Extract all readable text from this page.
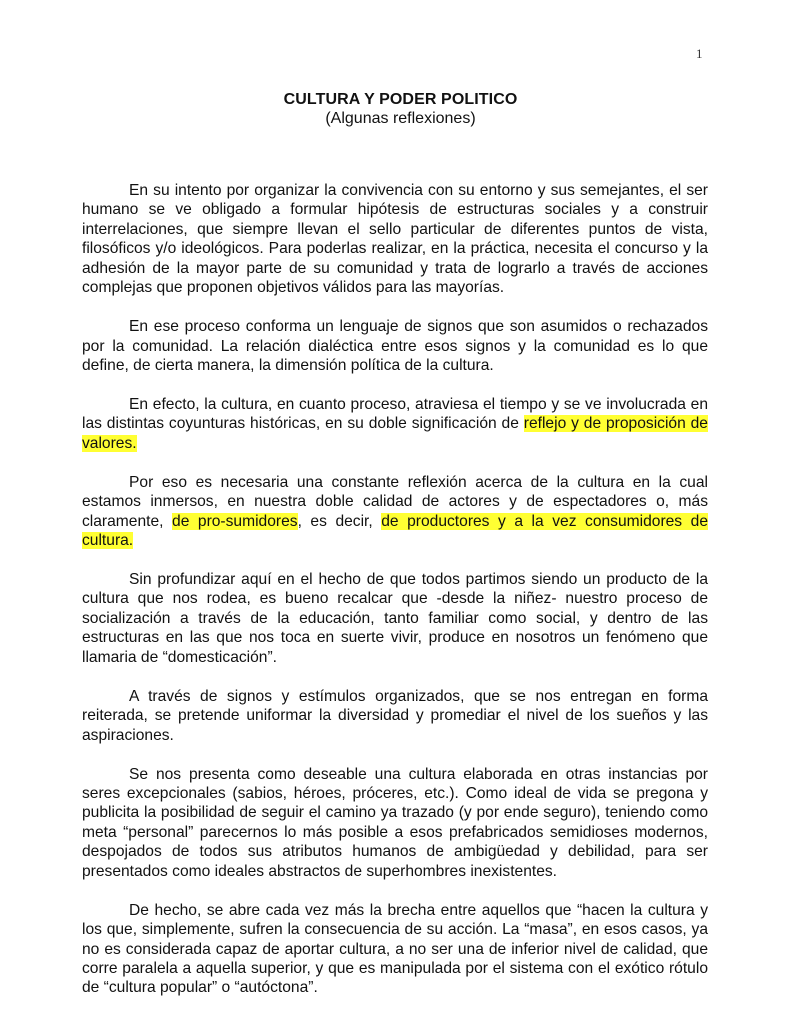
1
CULTURA Y PODER POLITICO
(Algunas reflexiones)

En su intento por organizar la convivencia con su entorno y sus semejantes, el ser humano se ve obligado a formular hipótesis de estructuras sociales y a construir interrelaciones, que siempre llevan el sello particular de diferentes puntos de vista, filosóficos y/o ideológicos. Para poderlas realizar, en la práctica, necesita el concurso y la adhesión de la mayor parte de su comunidad y trata de lograrlo a través de acciones complejas que proponen objetivos válidos para las mayorías.

En ese proceso conforma un lenguaje de signos que son asumidos o rechazados por la comunidad. La relación dialéctica entre esos signos y la comunidad es lo que define, de cierta manera, la dimensión política de la cultura.

En efecto, la cultura, en cuanto proceso, atraviesa el tiempo y se ve involucrada en las distintas coyunturas históricas, en su doble significación de reflejo y de proposición de valores.

Por eso es necesaria una constante reflexión acerca de la cultura en la cual estamos inmersos, en nuestra doble calidad de actores y de espectadores o, más claramente, de pro-sumidores, es decir, de productores y a la vez consumidores de cultura.

Sin profundizar aquí en el hecho de que todos partimos siendo un producto de la cultura que nos rodea, es bueno recalcar que -desde la niñez- nuestro proceso de socialización a través de la educación, tanto familiar como social, y dentro de las estructuras en las que nos toca en suerte vivir, produce en nosotros un fenómeno que llamaria de “domesticación”.

A través de signos y estímulos organizados, que se nos entregan en forma reiterada, se pretende uniformar la diversidad y promediar el nivel de los sueños y las aspiraciones.

Se nos presenta como deseable una cultura elaborada en otras instancias por seres excepcionales (sabios, héroes, próceres, etc.). Como ideal de vida se pregona y publicita la posibilidad de seguir el camino ya trazado (y por ende seguro), teniendo como meta “personal” parecernos lo más posible a esos prefabricados semidioses modernos, despojados de todos sus atributos humanos de ambigüedad y debilidad, para ser presentados como ideales abstractos de superhombres inexistentes.

De hecho, se abre cada vez más la brecha entre aquellos que “hacen la cultura y los que, simplemente, sufren la consecuencia de su acción. La “masa”, en esos casos, ya no es considerada capaz de aportar cultura, a no ser una de inferior nivel de calidad, que corre paralela a aquella superior, y que es manipulada por el sistema con el exótico rótulo de “cultura popular” o “autóctona”.
